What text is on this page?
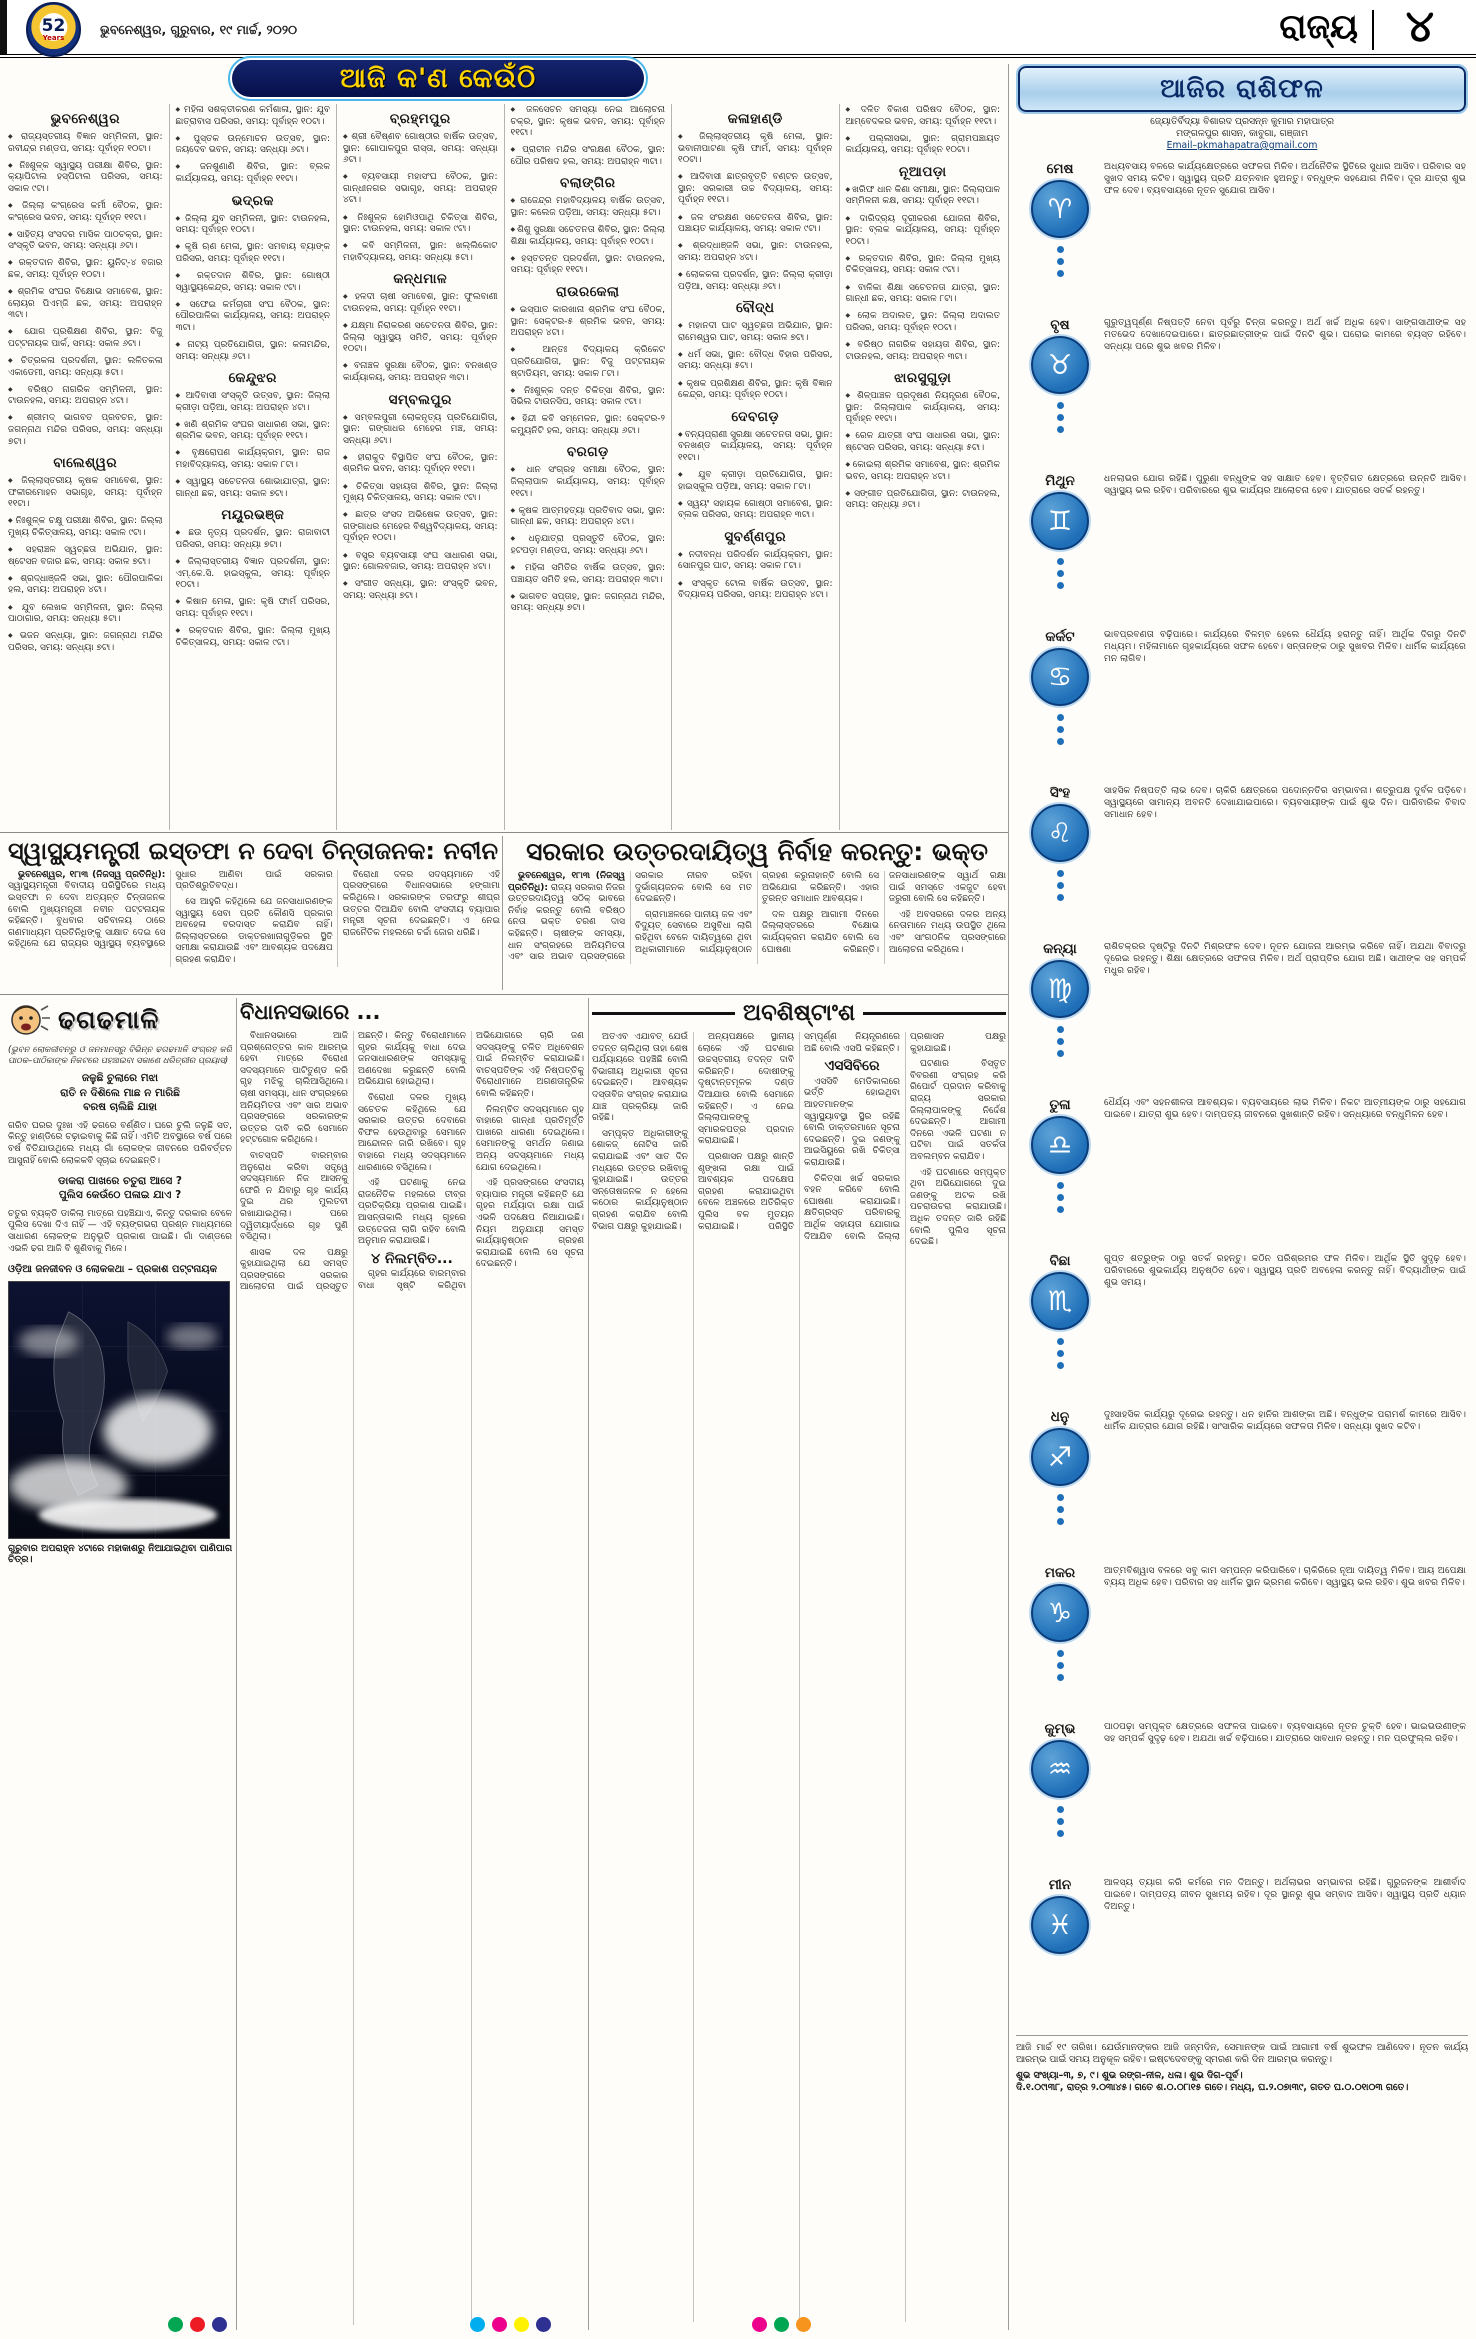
52
Years
ଭୁବନେଶ୍ୱର, ଗୁରୁବାର, ୧୯ ମାର୍ଚ୍ଚ, ୨୦୨୦	ରାଜ୍ୟ ୪
ଆଜି କ'ଣ କେଉଁଠି
ଭୁବନେଶ୍ୱର

◆ ରାଜ୍ୟସ୍ତରୀୟ ବିଜ୍ଞାନ ସମ୍ମିଳନୀ, ସ୍ଥାନ: ରବୀନ୍ଦ୍ର ମଣ୍ଡପ, ସମୟ: ପୂର୍ବାହ୍ନ ୧୦ଟା।

◆ ନିଃଶୁଳ୍କ ସ୍ୱାସ୍ଥ୍ୟ ପରୀକ୍ଷା ଶିବିର, ସ୍ଥାନ: କ୍ୟାପିଟାଲ ହସ୍ପିଟାଲ ପରିସର, ସମୟ: ସକାଳ ୯ଟା।

◆ ଜିଲ୍ଲା କଂଗ୍ରେସ କର୍ମୀ ବୈଠକ, ସ୍ଥାନ: କଂଗ୍ରେସ ଭବନ, ସମୟ: ପୂର୍ବାହ୍ନ ୧୧ଟା।

◆ ସାହିତ୍ୟ ସଂସଦର ମାସିକ ପାଠଚକ୍ର, ସ୍ଥାନ: ସଂସ୍କୃତି ଭବନ, ସମୟ: ସନ୍ଧ୍ୟା ୬ଟା।

◆ ରକ୍ତଦାନ ଶିବିର, ସ୍ଥାନ: ୟୁନିଟ୍-୪ ବଜାର ଛକ, ସମୟ: ପୂର୍ବାହ୍ନ ୧୦ଟା।

◆ ଶ୍ରମିକ ସଂଘର ବିକ୍ଷୋଭ ସମାବେଶ, ସ୍ଥାନ: ଲୋୟର ପିଏମ୍‌ଜି ଛକ, ସମୟ: ଅପରାହ୍ନ ୩ଟା।

◆ ଯୋଗ ପ୍ରଶିକ୍ଷଣ ଶିବିର, ସ୍ଥାନ: ବିଜୁ ପଟ୍ଟନାୟକ ପାର୍କ, ସମୟ: ସକାଳ ୬ଟା।

◆ ଚିତ୍ରକଳା ପ୍ରଦର୍ଶନୀ, ସ୍ଥାନ: ଲଳିତକଳା ଏକାଡେମୀ, ସମୟ: ସନ୍ଧ୍ୟା ୫ଟା।

◆ ବରିଷ୍ଠ ନାଗରିକ ସମ୍ମିଳନୀ, ସ୍ଥାନ: ଟାଉନହଲ, ସମୟ: ଅପରାହ୍ନ ୪ଟା।

◆ ଶ୍ରୀମଦ୍ ଭାଗବତ ପ୍ରବଚନ, ସ୍ଥାନ: ଜଗନ୍ନାଥ ମନ୍ଦିର ପରିସର, ସମୟ: ସନ୍ଧ୍ୟା ୭ଟା।

ବାଲେଶ୍ୱର

◆ ଜିଲ୍ଲାସ୍ତରୀୟ କୃଷକ ସମାବେଶ, ସ୍ଥାନ: ଫକୀରମୋହନ ସଭାଗୃହ, ସମୟ: ପୂର୍ବାହ୍ନ ୧୧ଟା।

◆ ନିଃଶୁଳ୍କ ଚକ୍ଷୁ ପରୀକ୍ଷା ଶିବିର, ସ୍ଥାନ: ଜିଲ୍ଲା ମୁଖ୍ୟ ଚିକିତ୍ସାଳୟ, ସମୟ: ସକାଳ ୯ଟା।

◆ ସହରାଞ୍ଚଳ ସ୍ୱଚ୍ଛତା ଅଭିଯାନ, ସ୍ଥାନ: ଷ୍ଟେସନ ବଜାର ଛକ, ସମୟ: ସକାଳ ୭ଟା।

◆ ଶ୍ରଦ୍ଧାଞ୍ଜଳି ସଭା, ସ୍ଥାନ: ପୌରପାଳିକା ହଲ, ସମୟ: ଅପରାହ୍ନ ୪ଟା।

◆ ଯୁବ ଲେଖକ ସମ୍ମିଳନୀ, ସ୍ଥାନ: ଜିଲ୍ଲା ପାଠାଗାର, ସମୟ: ସନ୍ଧ୍ୟା ୫ଟା।

◆ ଭଜନ ସନ୍ଧ୍ୟା, ସ୍ଥାନ: ଜଗନ୍ନାଥ ମନ୍ଦିର ପରିସର, ସମୟ: ସନ୍ଧ୍ୟା ୭ଟା।

◆ ମହିଳା ସଶକ୍ତୀକରଣ କର୍ମଶାଳା, ସ୍ଥାନ: ଯୁବ ଛାତ୍ରାବାସ ପରିସର, ସମୟ: ପୂର୍ବାହ୍ନ ୧୦ଟା।

◆ ପୁସ୍ତକ ଉନ୍ମୋଚନ ଉତ୍ସବ, ସ୍ଥାନ: ଜୟଦେବ ଭବନ, ସମୟ: ସନ୍ଧ୍ୟା ୬ଟା।

◆ ଜନଶୁଣାଣି ଶିବିର, ସ୍ଥାନ: ବ୍ଲକ କାର୍ଯ୍ୟାଳୟ, ସମୟ: ପୂର୍ବାହ୍ନ ୧୧ଟା।

ଭଦ୍ରକ

◆ ଜିଲ୍ଲା ଯୁବ ସମ୍ମିଳନୀ, ସ୍ଥାନ: ଟାଉନହଲ, ସମୟ: ପୂର୍ବାହ୍ନ ୧୦ଟା।

◆ କୃଷି ଋଣ ମେଳା, ସ୍ଥାନ: ସମବାୟ ବ୍ୟାଙ୍କ ପରିସର, ସମୟ: ପୂର୍ବାହ୍ନ ୧୧ଟା।

◆ ରକ୍ତଦାନ ଶିବିର, ସ୍ଥାନ: ଗୋଷ୍ଠୀ ସ୍ୱାସ୍ଥ୍ୟକେନ୍ଦ୍ର, ସମୟ: ସକାଳ ୯ଟା।

◆ ସଫେଇ କର୍ମଚାରୀ ସଂଘ ବୈଠକ, ସ୍ଥାନ: ପୌରପାଳିକା କାର୍ଯ୍ୟାଳୟ, ସମୟ: ଅପରାହ୍ନ ୩ଟା।

◆ ନାଟ୍ୟ ପ୍ରତିଯୋଗିତା, ସ୍ଥାନ: କଳାମନ୍ଦିର, ସମୟ: ସନ୍ଧ୍ୟା ୬ଟା।

କେନ୍ଦୁଝର

◆ ଆଦିବାସୀ ସଂସ୍କୃତି ଉତ୍ସବ, ସ୍ଥାନ: ଜିଲ୍ଲା କ୍ରୀଡ଼ା ପଡ଼ିଆ, ସମୟ: ଅପରାହ୍ନ ୪ଟା।

◆ ଖଣି ଶ୍ରମିକ ସଂଘର ସାଧାରଣ ସଭା, ସ୍ଥାନ: ଶ୍ରମିକ ଭବନ, ସମୟ: ପୂର୍ବାହ୍ନ ୧୧ଟା।

◆ ବୃକ୍ଷରୋପଣ କାର୍ଯ୍ୟକ୍ରମ, ସ୍ଥାନ: ରାଜ ମହାବିଦ୍ୟାଳୟ, ସମୟ: ସକାଳ ୮ଟା।

◆ ସ୍ୱାସ୍ଥ୍ୟ ସଚେତନତା ଶୋଭାଯାତ୍ରା, ସ୍ଥାନ: ଗାନ୍ଧୀ ଛକ, ସମୟ: ସକାଳ ୭ଟା।

ମୟୂରଭଞ୍ଜ

◆ ଛଉ ନୃତ୍ୟ ପ୍ରଦର୍ଶନ, ସ୍ଥାନ: ରାଜାବାଟୀ ପରିସର, ସମୟ: ସନ୍ଧ୍ୟା ୭ଟା।

◆ ଜିଲ୍ଲାସ୍ତରୀୟ ବିଜ୍ଞାନ ପ୍ରଦର୍ଶନୀ, ସ୍ଥାନ: ଏମ୍.କେ.ସି. ହାଇସ୍କୁଲ, ସମୟ: ପୂର୍ବାହ୍ନ ୧୦ଟା।

◆ କିଷାନ ମେଳା, ସ୍ଥାନ: କୃଷି ଫାର୍ମ ପରିସର, ସମୟ: ପୂର୍ବାହ୍ନ ୧୧ଟା।

◆ ରକ୍ତଦାନ ଶିବିର, ସ୍ଥାନ: ଜିଲ୍ଲା ମୁଖ୍ୟ ଚିକିତ୍ସାଳୟ, ସମୟ: ସକାଳ ୯ଟା।

ବ୍ରହ୍ମପୁର

◆ ଶ୍ରୀ ବୈଷ୍ଣବ ଗୋଷ୍ଠୀର ବାର୍ଷିକ ଉତ୍ସବ, ସ୍ଥାନ: ଗୋପାଳପୁର ରାସ୍ତା, ସମୟ: ସନ୍ଧ୍ୟା ୬ଟା।

◆ ବ୍ୟବସାୟୀ ମହାସଂଘ ବୈଠକ, ସ୍ଥାନ: ଗାନ୍ଧୀନଗର ସଭାଗୃହ, ସମୟ: ଅପରାହ୍ନ ୪ଟା।

◆ ନିଃଶୁଳ୍କ ହୋମିଓପାଥି ଚିକିତ୍ସା ଶିବିର, ସ୍ଥାନ: ଟାଉନହଲ, ସମୟ: ସକାଳ ୯ଟା।

◆ କବି ସମ୍ମିଳନୀ, ସ୍ଥାନ: ଖଲ୍ଲିକୋଟ ମହାବିଦ୍ୟାଳୟ, ସମୟ: ସନ୍ଧ୍ୟା ୫ଟା।

କନ୍ଧମାଳ

◆ ହଳଦୀ ଚାଷୀ ସମାବେଶ, ସ୍ଥାନ: ଫୁଲବାଣୀ ଟାଉନହଲ, ସମୟ: ପୂର୍ବାହ୍ନ ୧୧ଟା।

◆ ଯକ୍ଷ୍ମା ନିରାକରଣ ସଚେତନତା ଶିବିର, ସ୍ଥାନ: ଜିଲ୍ଲା ସ୍ୱାସ୍ଥ୍ୟ ସମିତି, ସମୟ: ପୂର୍ବାହ୍ନ ୧୦ଟା।

◆ ବନାଞ୍ଚଳ ସୁରକ୍ଷା ବୈଠକ, ସ୍ଥାନ: ବନଖଣ୍ଡ କାର୍ଯ୍ୟାଳୟ, ସମୟ: ଅପରାହ୍ନ ୩ଟା।

ସମ୍ବଲପୁର

◆ ସମ୍ବଲପୁରୀ ଲୋକନୃତ୍ୟ ପ୍ରତିଯୋଗିତା, ସ୍ଥାନ: ଗଙ୍ଗାଧର ମେହେର ମଞ୍ଚ, ସମୟ: ସନ୍ଧ୍ୟା ୬ଟା।

◆ ହୀରାକୁଦ ବିସ୍ଥାପିତ ସଂଘ ବୈଠକ, ସ୍ଥାନ: ଶ୍ରମିକ ଭବନ, ସମୟ: ପୂର୍ବାହ୍ନ ୧୧ଟା।

◆ ଚିକିତ୍ସା ସହାୟତା ଶିବିର, ସ୍ଥାନ: ଜିଲ୍ଲା ମୁଖ୍ୟ ଚିକିତ୍ସାଳୟ, ସମୟ: ସକାଳ ୯ଟା।

◆ ଛାତ୍ର ସଂସଦ ଅଭିଷେକ ଉତ୍ସବ, ସ୍ଥାନ: ଗଙ୍ଗାଧର ମେହେର ବିଶ୍ୱବିଦ୍ୟାଳୟ, ସମୟ: ପୂର୍ବାହ୍ନ ୧୦ଟା।

◆ ବସ୍ତ୍ର ବ୍ୟବସାୟୀ ସଂଘ ସାଧାରଣ ସଭା, ସ୍ଥାନ: ଗୋଲବଜାର, ସମୟ: ଅପରାହ୍ନ ୪ଟା।

◆ ସଂଗୀତ ସନ୍ଧ୍ୟା, ସ୍ଥାନ: ସଂସ୍କୃତି ଭବନ, ସମୟ: ସନ୍ଧ୍ୟା ୭ଟା।

◆ ଜଳସେଚନ ସମସ୍ୟା ନେଇ ଆଲୋଚନା ଚକ୍ର, ସ୍ଥାନ: କୃଷକ ଭବନ, ସମୟ: ପୂର୍ବାହ୍ନ ୧୧ଟା।

◆ ପ୍ରାଚୀନ ମନ୍ଦିର ସଂରକ୍ଷଣ ବୈଠକ, ସ୍ଥାନ: ପୌର ପରିଷଦ ହଲ, ସମୟ: ଅପରାହ୍ନ ୩ଟା।

ବଲାଙ୍ଗିର

◆ ରାଜେନ୍ଦ୍ର ମହାବିଦ୍ୟାଳୟ ବାର୍ଷିକ ଉତ୍ସବ, ସ୍ଥାନ: କଲେଜ ପଡ଼ିଆ, ସମୟ: ସନ୍ଧ୍ୟା ୫ଟା।

◆ ଶିଶୁ ସୁରକ୍ଷା ସଚେତନତା ଶିବିର, ସ୍ଥାନ: ଜିଲ୍ଲା ଶିକ୍ଷା କାର୍ଯ୍ୟାଳୟ, ସମୟ: ପୂର୍ବାହ୍ନ ୧୦ଟା।

◆ ହସ୍ତତନ୍ତ ପ୍ରଦର୍ଶନୀ, ସ୍ଥାନ: ଟାଉନହଲ, ସମୟ: ପୂର୍ବାହ୍ନ ୧୧ଟା।

ରାଉରକେଲା

◆ ଇସ୍ପାତ କାରଖାନା ଶ୍ରମିକ ସଂଘ ବୈଠକ, ସ୍ଥାନ: ସେକ୍ଟର-୫ ଶ୍ରମିକ ଭବନ, ସମୟ: ଅପରାହ୍ନ ୪ଟା।

◆ ଆନ୍ତଃ ବିଦ୍ୟାଳୟ କ୍ରିକେଟ ପ୍ରତିଯୋଗିତା, ସ୍ଥାନ: ବିଜୁ ପଟ୍ଟନାୟକ ଷ୍ଟାଡିୟମ, ସମୟ: ସକାଳ ୮ଟା।

◆ ନିଃଶୁଳ୍କ ଦନ୍ତ ଚିକିତ୍ସା ଶିବିର, ସ୍ଥାନ: ସିଭିଲ ଟାଉନସିପ, ସମୟ: ସକାଳ ୯ଟା।

◆ ହିନ୍ଦୀ କବି ସମ୍ମେଳନ, ସ୍ଥାନ: ସେକ୍ଟର-୨ କମ୍ୟୁନିଟି ହଲ, ସମୟ: ସନ୍ଧ୍ୟା ୬ଟା।

ବରଗଡ଼

◆ ଧାନ ସଂଗ୍ରହ ସମୀକ୍ଷା ବୈଠକ, ସ୍ଥାନ: ଜିଲ୍ଲାପାଳ କାର୍ଯ୍ୟାଳୟ, ସମୟ: ପୂର୍ବାହ୍ନ ୧୧ଟା।

◆ କୃଷକ ଆତ୍ମହତ୍ୟା ପ୍ରତିବାଦ ସଭା, ସ୍ଥାନ: ଗାନ୍ଧୀ ଛକ, ସମୟ: ଅପରାହ୍ନ ୪ଟା।

◆ ଧନୁଯାତ୍ରା ପ୍ରସ୍ତୁତି ବୈଠକ, ସ୍ଥାନ: ହଟପଡ଼ା ମଣ୍ଡପ, ସମୟ: ସନ୍ଧ୍ୟା ୬ଟା।

◆ ମହିଳା ସମିତିର ବାର୍ଷିକ ଉତ୍ସବ, ସ୍ଥାନ: ପଞ୍ଚାୟତ ସମିତି ହଲ, ସମୟ: ଅପରାହ୍ନ ୩ଟା।

◆ ଭାଗବତ ସପ୍ତାହ, ସ୍ଥାନ: ଜଗନ୍ନାଥ ମନ୍ଦିର, ସମୟ: ସନ୍ଧ୍ୟା ୭ଟା।

କଳାହାଣ୍ଡି

◆ ଜିଲ୍ଲାସ୍ତରୀୟ କୃଷି ମେଳା, ସ୍ଥାନ: ଭବାନୀପାଟଣା କୃଷି ଫାର୍ମ, ସମୟ: ପୂର୍ବାହ୍ନ ୧୦ଟା।

◆ ଆଦିବାସୀ ଛାତ୍ରବୃତ୍ତି ବଣ୍ଟନ ଉତ୍ସବ, ସ୍ଥାନ: ସରକାରୀ ଉଚ୍ଚ ବିଦ୍ୟାଳୟ, ସମୟ: ପୂର୍ବାହ୍ନ ୧୧ଟା।

◆ ଜଳ ସଂରକ୍ଷଣ ସଚେତନତା ଶିବିର, ସ୍ଥାନ: ପଞ୍ଚାୟତ କାର୍ଯ୍ୟାଳୟ, ସମୟ: ସକାଳ ୯ଟା।

◆ ଶ୍ରଦ୍ଧାଞ୍ଜଳି ସଭା, ସ୍ଥାନ: ଟାଉନହଲ, ସମୟ: ଅପରାହ୍ନ ୪ଟା।

◆ ଲୋକକଳା ପ୍ରଦର୍ଶନ, ସ୍ଥାନ: ଜିଲ୍ଲା କ୍ରୀଡ଼ା ପଡ଼ିଆ, ସମୟ: ସନ୍ଧ୍ୟା ୬ଟା।

ବୌଦ୍ଧ

◆ ମହାନଦୀ ଘାଟ ସ୍ୱଚ୍ଛତା ଅଭିଯାନ, ସ୍ଥାନ: ରାମେଶ୍ୱର ଘାଟ, ସମୟ: ସକାଳ ୭ଟା।

◆ ଧର୍ମ ସଭା, ସ୍ଥାନ: ବୌଦ୍ଧ ବିହାର ପରିସର, ସମୟ: ସନ୍ଧ୍ୟା ୫ଟା।

◆ କୃଷକ ପ୍ରଶିକ୍ଷଣ ଶିବିର, ସ୍ଥାନ: କୃଷି ବିଜ୍ଞାନ କେନ୍ଦ୍ର, ସମୟ: ପୂର୍ବାହ୍ନ ୧୦ଟା।

ଦେବଗଡ଼

◆ ବନ୍ୟପ୍ରାଣୀ ସୁରକ୍ଷା ସଚେତନତା ସଭା, ସ୍ଥାନ: ବନଖଣ୍ଡ କାର୍ଯ୍ୟାଳୟ, ସମୟ: ପୂର୍ବାହ୍ନ ୧୧ଟା।

◆ ଯୁବ କ୍ରୀଡ଼ା ପ୍ରତିଯୋଗିତା, ସ୍ଥାନ: ହାଇସ୍କୁଲ ପଡ଼ିଆ, ସମୟ: ସକାଳ ୮ଟା।

◆ ସ୍ୱୟଂ ସହାୟକ ଗୋଷ୍ଠୀ ସମାବେଶ, ସ୍ଥାନ: ବ୍ଲକ ପରିସର, ସମୟ: ଅପରାହ୍ନ ୩ଟା।

ସୁବର୍ଣ୍ଣପୁର

◆ ନଦୀବନ୍ଧ ପରିଦର୍ଶନ କାର୍ଯ୍ୟକ୍ରମ, ସ୍ଥାନ: ସୋନପୁର ଘାଟ, ସମୟ: ସକାଳ ୮ଟା।

◆ ସଂସ୍କୃତ ଟୋଲ ବାର୍ଷିକ ଉତ୍ସବ, ସ୍ଥାନ: ବିଦ୍ୟାଳୟ ପରିସର, ସମୟ: ଅପରାହ୍ନ ୪ଟା।

◆ ଦଳିତ ବିକାଶ ପରିଷଦ ବୈଠକ, ସ୍ଥାନ: ଆମ୍ବେଦକର ଭବନ, ସମୟ: ପୂର୍ବାହ୍ନ ୧୧ଟା।

◆ ପଲ୍ଲୀସଭା, ସ୍ଥାନ: ଗ୍ରାମପଞ୍ଚାୟତ କାର୍ଯ୍ୟାଳୟ, ସମୟ: ପୂର୍ବାହ୍ନ ୧୦ଟା।

ନୂଆପଡ଼ା

◆ ଖରିଫ ଧାନ କିଣା ସମୀକ୍ଷା, ସ୍ଥାନ: ଜିଲ୍ଲାପାଳ ସମ୍ମିଳନୀ କକ୍ଷ, ସମୟ: ପୂର୍ବାହ୍ନ ୧୧ଟା।

◆ ଦାରିଦ୍ର୍ୟ ଦୂରୀକରଣ ଯୋଜନା ଶିବିର, ସ୍ଥାନ: ବ୍ଲକ କାର୍ଯ୍ୟାଳୟ, ସମୟ: ପୂର୍ବାହ୍ନ ୧୦ଟା।

◆ ରକ୍ତଦାନ ଶିବିର, ସ୍ଥାନ: ଜିଲ୍ଲା ମୁଖ୍ୟ ଚିକିତ୍ସାଳୟ, ସମୟ: ସକାଳ ୯ଟା।

◆ ବାଳିକା ଶିକ୍ଷା ସଚେତନତା ଯାତ୍ରା, ସ୍ଥାନ: ଗାନ୍ଧୀ ଛକ, ସମୟ: ସକାଳ ୮ଟା।

◆ ଲୋକ ଅଦାଲତ, ସ୍ଥାନ: ଜିଲ୍ଲା ଅଦାଲତ ପରିସର, ସମୟ: ପୂର୍ବାହ୍ନ ୧୦ଟା।

◆ ବରିଷ୍ଠ ନାଗରିକ ସହାୟତା ଶିବିର, ସ୍ଥାନ: ଟାଉନହଲ, ସମୟ: ଅପରାହ୍ନ ୩ଟା।

ଝାରସୁଗୁଡ଼ା

◆ ଶିଳ୍ପାଞ୍ଚଳ ପ୍ରଦୂଷଣ ନିୟନ୍ତ୍ରଣ ବୈଠକ, ସ୍ଥାନ: ଜିଲ୍ଲାପାଳ କାର୍ଯ୍ୟାଳୟ, ସମୟ: ପୂର୍ବାହ୍ନ ୧୧ଟା।

◆ ରେଳ ଯାତ୍ରୀ ସଂଘ ସାଧାରଣ ସଭା, ସ୍ଥାନ: ଷ୍ଟେସନ ପରିସର, ସମୟ: ସନ୍ଧ୍ୟା ୫ଟା।

◆ କୋଇଲା ଶ୍ରମିକ ସମାବେଶ, ସ୍ଥାନ: ଶ୍ରମିକ ଭବନ, ସମୟ: ଅପରାହ୍ନ ୪ଟା।

◆ ସଙ୍ଗୀତ ପ୍ରତିଯୋଗିତା, ସ୍ଥାନ: ଟାଉନହଲ, ସମୟ: ସନ୍ଧ୍ୟା ୬ଟା।

ସ୍ୱାସ୍ଥ୍ୟମନ୍ତ୍ରୀ ଇସ୍ତଫା ନ ଦେବା ଚିନ୍ତାଜନକ: ନବୀନ

ଭୁବନେଶ୍ୱର, ୧୮ା୩ (ନିଜସ୍ୱ ପ୍ରତିନିଧି): ସ୍ୱାସ୍ଥ୍ୟମନ୍ତ୍ରୀ ବିବାଦୀୟ ପରିସ୍ଥିତିରେ ମଧ୍ୟ ଇସ୍ତଫା ନ ଦେବା ଅତ୍ୟନ୍ତ ଚିନ୍ତାଜନକ ବୋଲି ମୁଖ୍ୟମନ୍ତ୍ରୀ ନବୀନ ପଟ୍ଟନାୟକ କହିଛନ୍ତି। ବୁଧବାର ସଚିବାଳୟ ଠାରେ ଗଣମାଧ୍ୟମ ପ୍ରତିନିଧିଙ୍କୁ ସାକ୍ଷାତ ଦେଇ ସେ କହିଥିଲେ ଯେ ରାଜ୍ୟର ସ୍ୱାସ୍ଥ୍ୟ ବ୍ୟବସ୍ଥାରେ ସୁଧାର ଆଣିବା ପାଇଁ ସରକାର ପ୍ରତିଶ୍ରୁତିବଦ୍ଧ।

ସେ ଆହୁରି କହିଥିଲେ ଯେ ଜନସାଧାରଣଙ୍କ ସ୍ୱାସ୍ଥ୍ୟ ସେବା ପ୍ରତି କୌଣସି ପ୍ରକାର ଅବହେଳା ବରଦାସ୍ତ କରାଯିବ ନାହିଁ। ଜିଲ୍ଲାସ୍ତରରେ ଡାକ୍ତରଖାନାଗୁଡ଼ିକର ସ୍ଥିତି ସମୀକ୍ଷା କରାଯାଉଛି ଏବଂ ଆବଶ୍ୟକ ପଦକ୍ଷେପ ଗ୍ରହଣ କରାଯିବ।

ବିରୋଧୀ ଦଳର ସଦସ୍ୟମାନେ ଏହି ପ୍ରସଙ୍ଗରେ ବିଧାନସଭାରେ ହଙ୍ଗାମା କରିଥିଲେ। ସରକାରଙ୍କ ତରଫରୁ ଶୀଘ୍ର ଉତ୍ତର ଦିଆଯିବ ବୋଲି ସଂସଦୀୟ ବ୍ୟାପାର ମନ୍ତ୍ରୀ ସୂଚନା ଦେଇଛନ୍ତି। ଏ ନେଇ ରାଜନୈତିକ ମହଲରେ ଚର୍ଚ୍ଚା ଜୋର ଧରିଛି।

ସରକାର ଉତ୍ତରଦାୟିତ୍ୱ ନିର୍ବାହ କରନ୍ତୁ: ଭକ୍ତ

ଭୁବନେଶ୍ୱର, ୧୮ା୩ (ନିଜସ୍ୱ ପ୍ରତିନିଧି): ରାଜ୍ୟ ସରକାର ନିଜର ଉତ୍ତରଦାୟିତ୍ୱ ସଠିକ୍ ଭାବରେ ନିର୍ବାହ କରନ୍ତୁ ବୋଲି ବରିଷ୍ଠ ନେତା ଭକ୍ତ ଚରଣ ଦାସ କହିଛନ୍ତି। ଚାଷୀଙ୍କ ସମସ୍ୟା, ଧାନ ସଂଗ୍ରହରେ ଅନିୟମିତତା ଏବଂ ସାର ଅଭାବ ପ୍ରସଙ୍ଗରେ ସରକାର ନୀରବ ରହିବା ଦୁର୍ଭାଗ୍ୟଜନକ ବୋଲି ସେ ମତ ଦେଇଛନ୍ତି।

ଗ୍ରାମାଞ୍ଚଳରେ ପାନୀୟ ଜଳ ଏବଂ ବିଦ୍ୟୁତ୍ ସେବାରେ ଅସୁବିଧା ଲାଗି ରହିଥିବା ବେଳେ ଦାୟିତ୍ୱରେ ଥିବା ଅଧିକାରୀମାନେ କାର୍ଯ୍ୟାନୁଷ୍ଠାନ ଗ୍ରହଣ କରୁନାହାନ୍ତି ବୋଲି ସେ ଅଭିଯୋଗ କରିଛନ୍ତି। ଏହାର ତୁରନ୍ତ ସମାଧାନ ଆବଶ୍ୟକ।

ଦଳ ପକ୍ଷରୁ ଆଗାମୀ ଦିନରେ ଜିଲ୍ଲାସ୍ତରରେ ବିକ୍ଷୋଭ କାର୍ଯ୍ୟକ୍ରମ କରାଯିବ ବୋଲି ସେ ଘୋଷଣା କରିଛନ୍ତି। ଜନସାଧାରଣଙ୍କ ସ୍ୱାର୍ଥ ରକ୍ଷା ପାଇଁ ସମସ୍ତେ ଏକଜୁଟ ହେବା ଜରୁରୀ ବୋଲି ସେ କହିଛନ୍ତି।

ଏହି ଅବସରରେ ଦଳର ଅନ୍ୟ ନେତାମାନେ ମଧ୍ୟ ଉପସ୍ଥିତ ଥିଲେ ଏବଂ ସାଂଗଠନିକ ପ୍ରସଙ୍ଗରେ ଆଲୋଚନା କରିଥିଲେ।

ଢଗଢମାଳି
(ଭୁବନ ଲୋକଜୀବନରୁ ଓ ଜନମାନସରୁ ବିଭିନ୍ନ ଢଗଢମାଳି ସଂଗ୍ରହ କରି ପାଠକ–ପାଠିକାଙ୍କ ନିକଟରେ ପହଞ୍ଚାଇବା ସକାଶେ ଧରିତ୍ରୀର ପ୍ରୟାସ)
ଜଳୁଛି ଚୁଲାରେ ମଝା
ରାତି ନ ଦିଶିଲେ ମାଛ ନ ମାରିଛି
ବରଷ ଚାଲିଛି ଯାହା
ଗରିବ ଘରର ଦୁଃଖ ଏହି ଢଗରେ ବର୍ଣ୍ଣିତ। ଘରେ ଚୁଲି ଜଳୁଛି ସତ, କିନ୍ତୁ ହାଣ୍ଡିରେ ଚଢ଼ାଇବାକୁ କିଛି ନାହିଁ। ଏମିତି ଅବସ୍ଥାରେ ବର୍ଷ ପରେ ବର୍ଷ ବିତିଯାଉଥିଲେ ମଧ୍ୟ ଗାଁ ଲୋକଙ୍କ ଜୀବନରେ ପରିବର୍ତ୍ତନ ଆସୁନାହିଁ ବୋଲି ଲୋକକବି ସୂଚାଇ ଦେଇଛନ୍ତି।
ଡାକରା ପାଖରେ ଚତୁରା ଆସେ ?
ପୁଲିସ କେଉଁଠେ ପଳାଇ ଯାଏ ?
ଚତୁର ବ୍ୟକ୍ତି ଡାକିଲା ମାତ୍ରେ ପହଞ୍ଚିଯାଏ, କିନ୍ତୁ ଦରକାର ବେଳେ ପୁଲିସ ଦେଖା ଦିଏ ନାହିଁ — ଏହି ବ୍ୟଙ୍ଗଭରା ପ୍ରଶ୍ନ ମାଧ୍ୟମରେ ସାଧାରଣ ଲୋକଙ୍କ ଅନୁଭୂତି ପ୍ରକାଶ ପାଇଛି। ଗାଁ ଦାଣ୍ଡରେ ଏଭଳି ଢଗ ଆଜି ବି ଶୁଣିବାକୁ ମିଳେ।
ଓଡ଼ିଆ ଜନଜୀବନ ଓ ଲୋକକଥା – ପ୍ରକାଶ ପଟ୍ଟନାୟକ
ଗୁରୁବାର ଅପରାହ୍ନ ୪ଟାରେ ମହାକାଶରୁ ନିଆଯାଇଥିବା ପାଣିପାଗ ଚିତ୍ର।
ବିଧାନସଭାରେ ...

ବିଧାନସଭାରେ ଆଜି ପ୍ରଶ୍ନୋତ୍ତର କାଳ ଆରମ୍ଭ ହେବା ମାତ୍ରେ ବିରୋଧୀ ସଦସ୍ୟମାନେ ପାଟିତୁଣ୍ଡ କରି ଗୃହ ମଝିକୁ ଚାଲିଆସିଥିଲେ। ଚାଷୀ ସମସ୍ୟା, ଧାନ ସଂଗ୍ରହରେ ଅନିୟମିତତା ଏବଂ ସାର ଅଭାବ ପ୍ରସଙ୍ଗରେ ସରକାରଙ୍କ ଉତ୍ତର ଦାବି କରି ସେମାନେ ହଟ୍ଟଗୋଳ କରିଥିଲେ।

ବାଚସ୍ପତି ବାରମ୍ବାର ଅନୁରୋଧ କରିବା ସତ୍ତ୍ୱେ ସଦସ୍ୟମାନେ ନିଜ ଆସନକୁ ଫେରି ନ ଯିବାରୁ ଗୃହ କାର୍ଯ୍ୟ ଦୁଇ ଥର ମୁଲତବୀ ରଖାଯାଇଥିଲା। ପରେ ଦ୍ୱିତୀୟାର୍ଦ୍ଧରେ ଗୃହ ପୁଣି ବସିଥିଲା।

ଶାସକ ଦଳ ପକ୍ଷରୁ କୁହାଯାଇଥିଲା ଯେ ସମସ୍ତ ପ୍ରସଙ୍ଗରେ ସରକାର ଆଲୋଚନା ପାଇଁ ପ୍ରସ୍ତୁତ ଅଛନ୍ତି। କିନ୍ତୁ ବିରୋଧୀମାନେ ଗୃହର କାର୍ଯ୍ୟକୁ ବାଧା ଦେଇ ଜନସାଧାରଣଙ୍କ ସମସ୍ୟାକୁ ଅଣଦେଖା କରୁଛନ୍ତି ବୋଲି ଅଭିଯୋଗ ହୋଇଥିଲା।

ବିରୋଧୀ ଦଳର ମୁଖ୍ୟ ସଚେତକ କହିଥିଲେ ଯେ ସରକାର ଉତ୍ତର ଦେବାରେ ବିଫଳ ହେଉଥିବାରୁ ସେମାନେ ଆନ୍ଦୋଳନ ଜାରି ରଖିବେ। ଗୃହ ବାହାରେ ମଧ୍ୟ ସଦସ୍ୟମାନେ ଧାରଣାରେ ବସିଥିଲେ।

ଏହି ଘଟଣାକୁ ନେଇ ରାଜନୈତିକ ମହଲରେ ତୀବ୍ର ପ୍ରତିକ୍ରିୟା ପ୍ରକାଶ ପାଇଛି। ଆସନ୍ତାକାଲି ମଧ୍ୟ ଗୃହରେ ଉତ୍ତେଜନା ଲାଗି ରହିବ ବୋଲି ଅନୁମାନ କରାଯାଉଛି।

୪ ନିଲମ୍ବିତ...

ଗୃହର କାର୍ଯ୍ୟରେ ବାରମ୍ବାର ବାଧା ସୃଷ୍ଟି କରିଥିବା ଅଭିଯୋଗରେ ଚାରି ଜଣ ସଦସ୍ୟଙ୍କୁ ଚଳିତ ଅଧିବେଶନ ପାଇଁ ନିଲମ୍ବିତ କରାଯାଇଛି। ବାଚସ୍ପତିଙ୍କ ଏହି ନିଷ୍ପତ୍ତିକୁ ବିରୋଧୀମାନେ ଅଗଣତାନ୍ତ୍ରିକ ବୋଲି କହିଛନ୍ତି।

ନିଲମ୍ବିତ ସଦସ୍ୟମାନେ ଗୃହ ବାହାରେ ଗାନ୍ଧୀ ପ୍ରତିମୂର୍ତ୍ତି ପାଖରେ ଧାରଣା ଦେଇଥିଲେ। ସେମାନଙ୍କୁ ସମର୍ଥନ ଜଣାଇ ଅନ୍ୟ ସଦସ୍ୟମାନେ ମଧ୍ୟ ଯୋଗ ଦେଇଥିଲେ।

ଏହି ପ୍ରସଙ୍ଗରେ ସଂସଦୀୟ ବ୍ୟାପାର ମନ୍ତ୍ରୀ କହିଛନ୍ତି ଯେ ଗୃହର ମର୍ଯ୍ୟାଦା ରକ୍ଷା ପାଇଁ ଏଭଳି ପଦକ୍ଷେପ ନିଆଯାଇଛି। ନିୟମ ଅନୁଯାୟୀ ସମସ୍ତ କାର୍ଯ୍ୟାନୁଷ୍ଠାନ ଗ୍ରହଣ କରାଯାଇଛି ବୋଲି ସେ ସୂଚନା ଦେଇଛନ୍ତି।

ଅବଶିଷ୍ଟାଂଶ

ଅତଏବ ଏଯାବତ୍ ଯେଉଁ ତଦନ୍ତ ଚାଲିଥିଲା ତାହା ଶେଷ ପର୍ଯ୍ୟାୟରେ ପହଞ୍ଚିଛି ବୋଲି ବିଭାଗୀୟ ଅଧିକାରୀ ସୂଚନା ଦେଇଛନ୍ତି। ଆବଶ୍ୟକ ଦସ୍ତାବିଜ ସଂଗ୍ରହ କରାଯାଇ ଯାଞ୍ଚ ପ୍ରକ୍ରିୟା ଜାରି ରହିଛି।

ସମ୍ପୃକ୍ତ ଅଧିକାରୀଙ୍କୁ ଶୋକଜ୍ ନୋଟିସ ଜାରି କରାଯାଇଛି ଏବଂ ସାତ ଦିନ ମଧ୍ୟରେ ଉତ୍ତର ରଖିବାକୁ କୁହାଯାଇଛି। ଉତ୍ତର ସନ୍ତୋଷଜନକ ନ ହେଲେ କଠୋର କାର୍ଯ୍ୟାନୁଷ୍ଠାନ ଗ୍ରହଣ କରାଯିବ ବୋଲି ବିଭାଗ ପକ୍ଷରୁ କୁହାଯାଇଛି।

ଅନ୍ୟପକ୍ଷରେ ସ୍ଥାନୀୟ ଲୋକେ ଏହି ଘଟଣାର ଉଚ୍ଚସ୍ତରୀୟ ତଦନ୍ତ ଦାବି କରିଛନ୍ତି। ଦୋଷୀଙ୍କୁ ଦୃଷ୍ଟାନ୍ତମୂଳକ ଦଣ୍ଡ ଦିଆଯାଉ ବୋଲି ସେମାନେ କହିଛନ୍ତି। ଏ ନେଇ ଜିଲ୍ଲାପାଳଙ୍କୁ ସ୍ମାରକପତ୍ର ପ୍ରଦାନ କରାଯାଇଛି।

ପ୍ରଶାସନ ପକ୍ଷରୁ ଶାନ୍ତି ଶୃଙ୍ଖଳା ରକ୍ଷା ପାଇଁ ଆବଶ୍ୟକ ପଦକ୍ଷେପ ଗ୍ରହଣ କରାଯାଇଥିବା ବେଳେ ଅଞ୍ଚଳରେ ଅତିରିକ୍ତ ପୁଲିସ ବଳ ମୁତୟନ କରାଯାଇଛି। ପରିସ୍ଥିତି ସମ୍ପୂର୍ଣ୍ଣ ନିୟନ୍ତ୍ରଣରେ ଅଛି ବୋଲି ଏସପି କହିଛନ୍ତି।

ଏସସିବିରେ

ଏସସିବି ମେଡିକାଲରେ ଭର୍ତ୍ତି ହୋଇଥିବା ଆହତମାନଙ୍କ ସ୍ୱାସ୍ଥ୍ୟାବସ୍ଥା ସ୍ଥିର ରହିଛି ବୋଲି ଡାକ୍ତରମାନେ ସୂଚନା ଦେଇଛନ୍ତି। ଦୁଇ ଜଣଙ୍କୁ ଆଇସିୟୁରେ ରଖି ଚିକିତ୍ସା କରାଯାଉଛି।

ଚିକିତ୍ସା ଖର୍ଚ୍ଚ ସରକାର ବହନ କରିବେ ବୋଲି ଘୋଷଣା କରାଯାଇଛି। କ୍ଷତିଗ୍ରସ୍ତ ପରିବାରକୁ ଆର୍ଥିକ ସହାୟତା ଯୋଗାଇ ଦିଆଯିବ ବୋଲି ଜିଲ୍ଲା ପ୍ରଶାସନ ପକ୍ଷରୁ କୁହାଯାଇଛି।

ଘଟଣାର ବିସ୍ତୃତ ବିବରଣୀ ସଂଗ୍ରହ କରି ରିପୋର୍ଟ ପ୍ରଦାନ କରିବାକୁ ରାଜ୍ୟ ସରକାର ଜିଲ୍ଲାପାଳଙ୍କୁ ନିର୍ଦ୍ଦେଶ ଦେଇଛନ୍ତି। ଆଗାମୀ ଦିନରେ ଏଭଳି ଘଟଣା ନ ଘଟିବା ପାଇଁ ସତର୍କତା ଅବଲମ୍ବନ କରାଯିବ।

ଏହି ଘଟଣାରେ ସମ୍ପୃକ୍ତ ଥିବା ଅଭିଯୋଗରେ ଦୁଇ ଜଣଙ୍କୁ ଅଟକ ରଖି ପଚରାଉଚରା କରାଯାଉଛି। ଅଧିକ ତଦନ୍ତ ଜାରି ରହିଛି ବୋଲି ପୁଲିସ ସୂଚନା ଦେଇଛି।

ଆଜିର ରାଶିଫଳ
ଜ୍ୟୋତିର୍ବିଦ୍ୟା ବିଶାରଦ ପ୍ରସନ୍ନ କୁମାର ମହାପାତ୍ର
ମଙ୍ଗଳପୁର ଶାସନ, କାବୁଗା, ଗଞ୍ଜାମ
Email–pkmahapatra@gmail.com
ମେଷ
♈
ଅଧ୍ୟବସାୟ ବଳରେ କାର୍ଯ୍ୟକ୍ଷେତ୍ରରେ ସଫଳତା ମିଳିବ। ଅର୍ଥନୈତିକ ସ୍ଥିତିରେ ସୁଧାର ଆସିବ। ପରିବାର ସହ ସୁଖଦ ସମୟ କଟିବ। ସ୍ୱାସ୍ଥ୍ୟ ପ୍ରତି ଯତ୍ନବାନ ହୁଅନ୍ତୁ। ବନ୍ଧୁଙ୍କ ସହଯୋଗ ମିଳିବ। ଦୂର ଯାତ୍ରା ଶୁଭ ଫଳ ଦେବ। ବ୍ୟବସାୟରେ ନୂତନ ସୁଯୋଗ ଆସିବ।
ବୃଷ
♉
ଗୁରୁତ୍ୱପୂର୍ଣ୍ଣ ନିଷ୍ପତ୍ତି ନେବା ପୂର୍ବରୁ ଚିନ୍ତା କରନ୍ତୁ। ଅର୍ଥ ଖର୍ଚ୍ଚ ଅଧିକ ହେବ। ସାଙ୍ଗସାଥୀଙ୍କ ସହ ମତଭେଦ ଦେଖାଦେଇପାରେ। ଛାତ୍ରଛାତ୍ରୀଙ୍କ ପାଇଁ ଦିନଟି ଶୁଭ। ଘରୋଇ କାମରେ ବ୍ୟସ୍ତ ରହିବେ। ସନ୍ଧ୍ୟା ପରେ ଶୁଭ ଖବର ମିଳିବ।
ମିଥୁନ
♊
ଧନଲାଭର ଯୋଗ ରହିଛି। ପୁରୁଣା ବନ୍ଧୁଙ୍କ ସହ ସାକ୍ଷାତ ହେବ। ବୃତ୍ତିଗତ କ୍ଷେତ୍ରରେ ଉନ୍ନତି ଆସିବ। ସ୍ୱାସ୍ଥ୍ୟ ଭଲ ରହିବ। ପରିବାରରେ ଶୁଭ କାର୍ଯ୍ୟର ଆଲୋଚନା ହେବ। ଯାତ୍ରାରେ ସତର୍କ ରହନ୍ତୁ।
କର୍କଟ
♋
ଭାବପ୍ରବଣତା ବଢ଼ିପାରେ। କାର୍ଯ୍ୟରେ ବିଳମ୍ବ ହେଲେ ଧୈର୍ଯ୍ୟ ହରାନ୍ତୁ ନାହିଁ। ଆର୍ଥିକ ଦିଗରୁ ଦିନଟି ମଧ୍ୟମ। ମହିଳାମାନେ ଗୃହକାର୍ଯ୍ୟରେ ସଫଳ ହେବେ। ସନ୍ତାନଙ୍କ ଠାରୁ ସୁଖବର ମିଳିବ। ଧାର୍ମିକ କାର୍ଯ୍ୟରେ ମନ ଲାଗିବ।
ସିଂହ
♌
ସାହସିକ ନିଷ୍ପତ୍ତି ଲାଭ ଦେବ। ଚାକିରି କ୍ଷେତ୍ରରେ ପଦୋନ୍ନତିର ସମ୍ଭାବନା। ଶତ୍ରୁପକ୍ଷ ଦୁର୍ବଳ ପଡ଼ିବେ। ସ୍ୱାସ୍ଥ୍ୟରେ ସାମାନ୍ୟ ଅବନତି ଦେଖାଯାଇପାରେ। ବ୍ୟବସାୟୀଙ୍କ ପାଇଁ ଶୁଭ ଦିନ। ପାରିବାରିକ ବିବାଦ ସମାଧାନ ହେବ।
କନ୍ୟା
♍
ରାଶିଚକ୍ରର ଦୃଷ୍ଟିରୁ ଦିନଟି ମିଶ୍ରଫଳ ଦେବ। ନୂତନ ଯୋଜନା ଆରମ୍ଭ କରିବେ ନାହିଁ। ଅଯଥା ବିବାଦରୁ ଦୂରେଇ ରହନ୍ତୁ। ଶିକ୍ଷା କ୍ଷେତ୍ରରେ ସଫଳତା ମିଳିବ। ଅର୍ଥ ପ୍ରାପ୍ତିର ଯୋଗ ଅଛି। ସାଥୀଙ୍କ ସହ ସମ୍ପର୍କ ମଧୁର ରହିବ।
ତୁଳା
♎
ଧୈର୍ଯ୍ୟ ଏବଂ ସହନଶୀଳତା ଆବଶ୍ୟକ। ବ୍ୟବସାୟରେ ଲାଭ ମିଳିବ। ନିକଟ ଆତ୍ମୀୟଙ୍କ ଠାରୁ ସହଯୋଗ ପାଇବେ। ଯାତ୍ରା ଶୁଭ ହେବ। ଦାମ୍ପତ୍ୟ ଜୀବନରେ ସୁଖଶାନ୍ତି ରହିବ। ସନ୍ଧ୍ୟାରେ ବନ୍ଧୁମିଳନ ହେବ।
ବିଛା
♏
ଗୁପ୍ତ ଶତ୍ରୁଙ୍କ ଠାରୁ ସତର୍କ ରହନ୍ତୁ। କଠିନ ପରିଶ୍ରମର ଫଳ ମିଳିବ। ଆର୍ଥିକ ସ୍ଥିତି ସୁଦୃଢ଼ ହେବ। ପରିବାରରେ ଶୁଭକାର୍ଯ୍ୟ ଅନୁଷ୍ଠିତ ହେବ। ସ୍ୱାସ୍ଥ୍ୟ ପ୍ରତି ଅବହେଳା କରନ୍ତୁ ନାହିଁ। ବିଦ୍ୟାର୍ଥୀଙ୍କ ପାଇଁ ଶୁଭ ସମୟ।
ଧନୁ
♐
ଦୁଃସାହସିକ କାର୍ଯ୍ୟରୁ ଦୂରେଇ ରହନ୍ତୁ। ଧନ ହାନିର ଆଶଙ୍କା ଅଛି। ବନ୍ଧୁଙ୍କ ପରାମର୍ଶ କାମରେ ଆସିବ। ଧାର୍ମିକ ଯାତ୍ରାର ଯୋଗ ରହିଛି। ସାଂସାରିକ କାର୍ଯ୍ୟରେ ସଫଳତା ମିଳିବ। ସନ୍ଧ୍ୟା ସୁଖଦ କଟିବ।
ମକର
♑
ଆତ୍ମବିଶ୍ୱାସ ବଳରେ ସବୁ କାମ ସମ୍ପନ୍ନ କରିପାରିବେ। ଚାକିରିରେ ନୂଆ ଦାୟିତ୍ୱ ମିଳିବ। ଆୟ ଅପେକ୍ଷା ବ୍ୟୟ ଅଧିକ ହେବ। ପରିବାର ସହ ଧାର୍ମିକ ସ୍ଥାନ ଭ୍ରମଣ କରିବେ। ସ୍ୱାସ୍ଥ୍ୟ ଭଲ ରହିବ। ଶୁଭ ଖବର ମିଳିବ।
କୁମ୍ଭ
♒
ପାଠପଢ଼ା ସମ୍ପୃକ୍ତ କ୍ଷେତ୍ରରେ ସଫଳତା ପାଇବେ। ବ୍ୟବସାୟରେ ନୂତନ ଚୁକ୍ତି ହେବ। ଭାଇଭଉଣୀଙ୍କ ସହ ସମ୍ପର୍କ ସୁଦୃଢ଼ ହେବ। ଅଯଥା ଖର୍ଚ୍ଚ ବଢ଼ିପାରେ। ଯାତ୍ରାରେ ସାବଧାନ ରହନ୍ତୁ। ମନ ପ୍ରଫୁଲ୍ଲ ରହିବ।
ମୀନ
♓
ଆଳସ୍ୟ ତ୍ୟାଗ କରି କର୍ମରେ ମନ ଦିଅନ୍ତୁ। ଅର୍ଥଲାଭର ସମ୍ଭାବନା ରହିଛି। ଗୁରୁଜନଙ୍କ ଆଶୀର୍ବାଦ ପାଇବେ। ଦାମ୍ପତ୍ୟ ଜୀବନ ସୁଖମୟ ରହିବ। ଦୂର ସ୍ଥାନରୁ ଶୁଭ ସମ୍ବାଦ ଆସିବ। ସ୍ୱାସ୍ଥ୍ୟ ପ୍ରତି ଧ୍ୟାନ ଦିଅନ୍ତୁ।

ଆଜି ମାର୍ଚ୍ଚ ୧୯ ତାରିଖ। ଯେଉଁମାନଙ୍କର ଆଜି ଜନ୍ମଦିନ, ସେମାନଙ୍କ ପାଇଁ ଆଗାମୀ ବର୍ଷ ଶୁଭଫଳ ଆଣିଦେବ। ନୂତନ କାର୍ଯ୍ୟ ଆରମ୍ଭ ପାଇଁ ସମୟ ଅନୁକୂଳ ରହିବ। ଇଷ୍ଟଦେବଙ୍କୁ ସ୍ମରଣ କରି ଦିନ ଆରମ୍ଭ କରନ୍ତୁ।

ଶୁଭ ସଂଖ୍ୟା–୩, ୭, ୯। ଶୁଭ ରଙ୍ଗ–ନୀଳ, ଧଳା। ଶୁଭ ଦିଗ–ପୂର୍ବ।

ଦି.୧.୦୯ା୩୮, ରାତ୍ର ୨.୦୩ା୪୫। ଗତେ ଶ.୦.୦୮ା୧୫ ଗତେ। ମଧ୍ୟ, ଘ.୨.୦୭ା୩୯, ଗତତ ଘ.୦.୦୧ା୦୩ ଗତେ।
